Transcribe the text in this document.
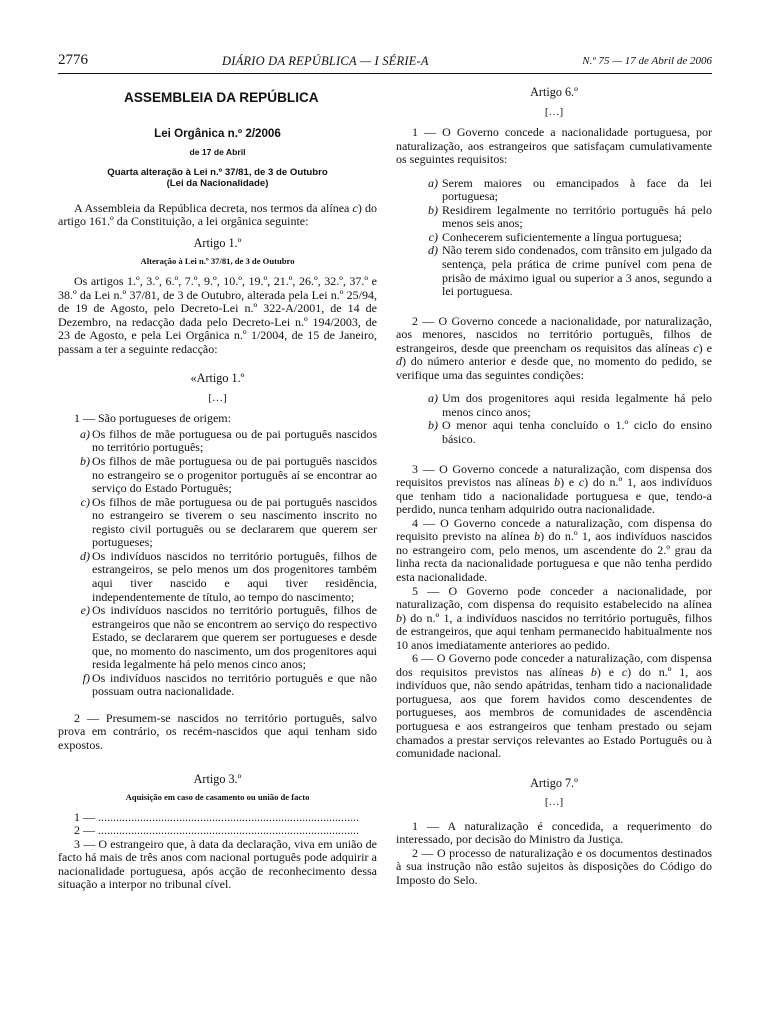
2776	DIÁRIO DA REPÚBLICA — I SÉRIE-A	N.º 75 — 17 de Abril de 2006
ASSEMBLEIA DA REPÚBLICA
Lei Orgânica n.º 2/2006
de 17 de Abril
Quarta alteração à Lei n.º 37/81, de 3 de Outubro
(Lei da Nacionalidade)

A Assembleia da República decreta, nos termos da alínea c) do artigo 161.º da Constituição, a lei orgânica seguinte:

Artigo 1.º
Alteração à Lei n.º 37/81, de 3 de Outubro

Os artigos 1.º, 3.º, 6.º, 7.º, 9.º, 10.º, 19.º, 21.º, 26.º, 32.º, 37.º e 38.º da Lei n.º 37/81, de 3 de Outubro, alterada pela Lei n.º 25/94, de 19 de Agosto, pelo Decreto-Lei n.º 322-A/2001, de 14 de Dezembro, na redacção dada pelo Decreto-Lei n.º 194/2003, de 23 de Agosto, e pela Lei Orgânica n.º 1/2004, de 15 de Janeiro, passam a ter a seguinte redacção:

«Artigo 1.º
[…]

1 — São portugueses de origem:

a) Os filhos de mãe portuguesa ou de pai português nascidos no território português;
b) Os filhos de mãe portuguesa ou de pai português nascidos no estrangeiro se o progenitor português aí se encontrar ao serviço do Estado Português;
c) Os filhos de mãe portuguesa ou de pai português nascidos no estrangeiro se tiverem o seu nascimento inscrito no registo civil português ou se declararem que querem ser portugueses;
d) Os indivíduos nascidos no território português, filhos de estrangeiros, se pelo menos um dos progenitores também aqui tiver nascido e aqui tiver residência, independentemente de título, ao tempo do nascimento;
e) Os indivíduos nascidos no território português, filhos de estrangeiros que não se encontrem ao serviço do respectivo Estado, se declararem que querem ser portugueses e desde que, no momento do nascimento, um dos progenitores aqui resida legalmente há pelo menos cinco anos;
f) Os indivíduos nascidos no território português e que não possuam outra nacionalidade.

2 — Presumem-se nascidos no território português, salvo prova em contrário, os recém-nascidos que aqui tenham sido expostos.

Artigo 3.º
Aquisição em caso de casamento ou união de facto

1 — .......................................................................................

2 — .......................................................................................

3 — O estrangeiro que, à data da declaração, viva em união de facto há mais de três anos com nacional português pode adquirir a nacionalidade portuguesa, após acção de reconhecimento dessa situação a interpor no tribunal cível.

Artigo 6.º
[…]

1 — O Governo concede a nacionalidade portuguesa, por naturalização, aos estrangeiros que satisfaçam cumulativamente os seguintes requisitos:

a) Serem maiores ou emancipados à face da lei portuguesa;
b) Residirem legalmente no território português há pelo menos seis anos;
c) Conhecerem suficientemente a língua portuguesa;
d) Não terem sido condenados, com trânsito em julgado da sentença, pela prática de crime punível com pena de prisão de máximo igual ou superior a 3 anos, segundo a lei portuguesa.

2 — O Governo concede a nacionalidade, por naturalização, aos menores, nascidos no território português, filhos de estrangeiros, desde que preencham os requisitos das alíneas c) e d) do número anterior e desde que, no momento do pedido, se verifique uma das seguintes condições:

a) Um dos progenitores aqui resida legalmente há pelo menos cinco anos;
b) O menor aqui tenha concluído o 1.º ciclo do ensino básico.

3 — O Governo concede a naturalização, com dispensa dos requisitos previstos nas alíneas b) e c) do n.º 1, aos indivíduos que tenham tido a nacionalidade portuguesa e que, tendo-a perdido, nunca tenham adquirido outra nacionalidade.

4 — O Governo concede a naturalização, com dispensa do requisito previsto na alínea b) do n.º 1, aos indivíduos nascidos no estrangeiro com, pelo menos, um ascendente do 2.º grau da linha recta da nacionalidade portuguesa e que não tenha perdido esta nacionalidade.

5 — O Governo pode conceder a nacionalidade, por naturalização, com dispensa do requisito estabelecido na alínea b) do n.º 1, a indivíduos nascidos no território português, filhos de estrangeiros, que aqui tenham permanecido habitualmente nos 10 anos imediatamente anteriores ao pedido.

6 — O Governo pode conceder a naturalização, com dispensa dos requisitos previstos nas alíneas b) e c) do n.º 1, aos indivíduos que, não sendo apátridas, tenham tido a nacionalidade portuguesa, aos que forem havidos como descendentes de portugueses, aos membros de comunidades de ascendência portuguesa e aos estrangeiros que tenham prestado ou sejam chamados a prestar serviços relevantes ao Estado Português ou à comunidade nacional.

Artigo 7.º
[…]

1 — A naturalização é concedida, a requerimento do interessado, por decisão do Ministro da Justiça.

2 — O processo de naturalização e os documentos destinados à sua instrução não estão sujeitos às disposições do Código do Imposto do Selo.
